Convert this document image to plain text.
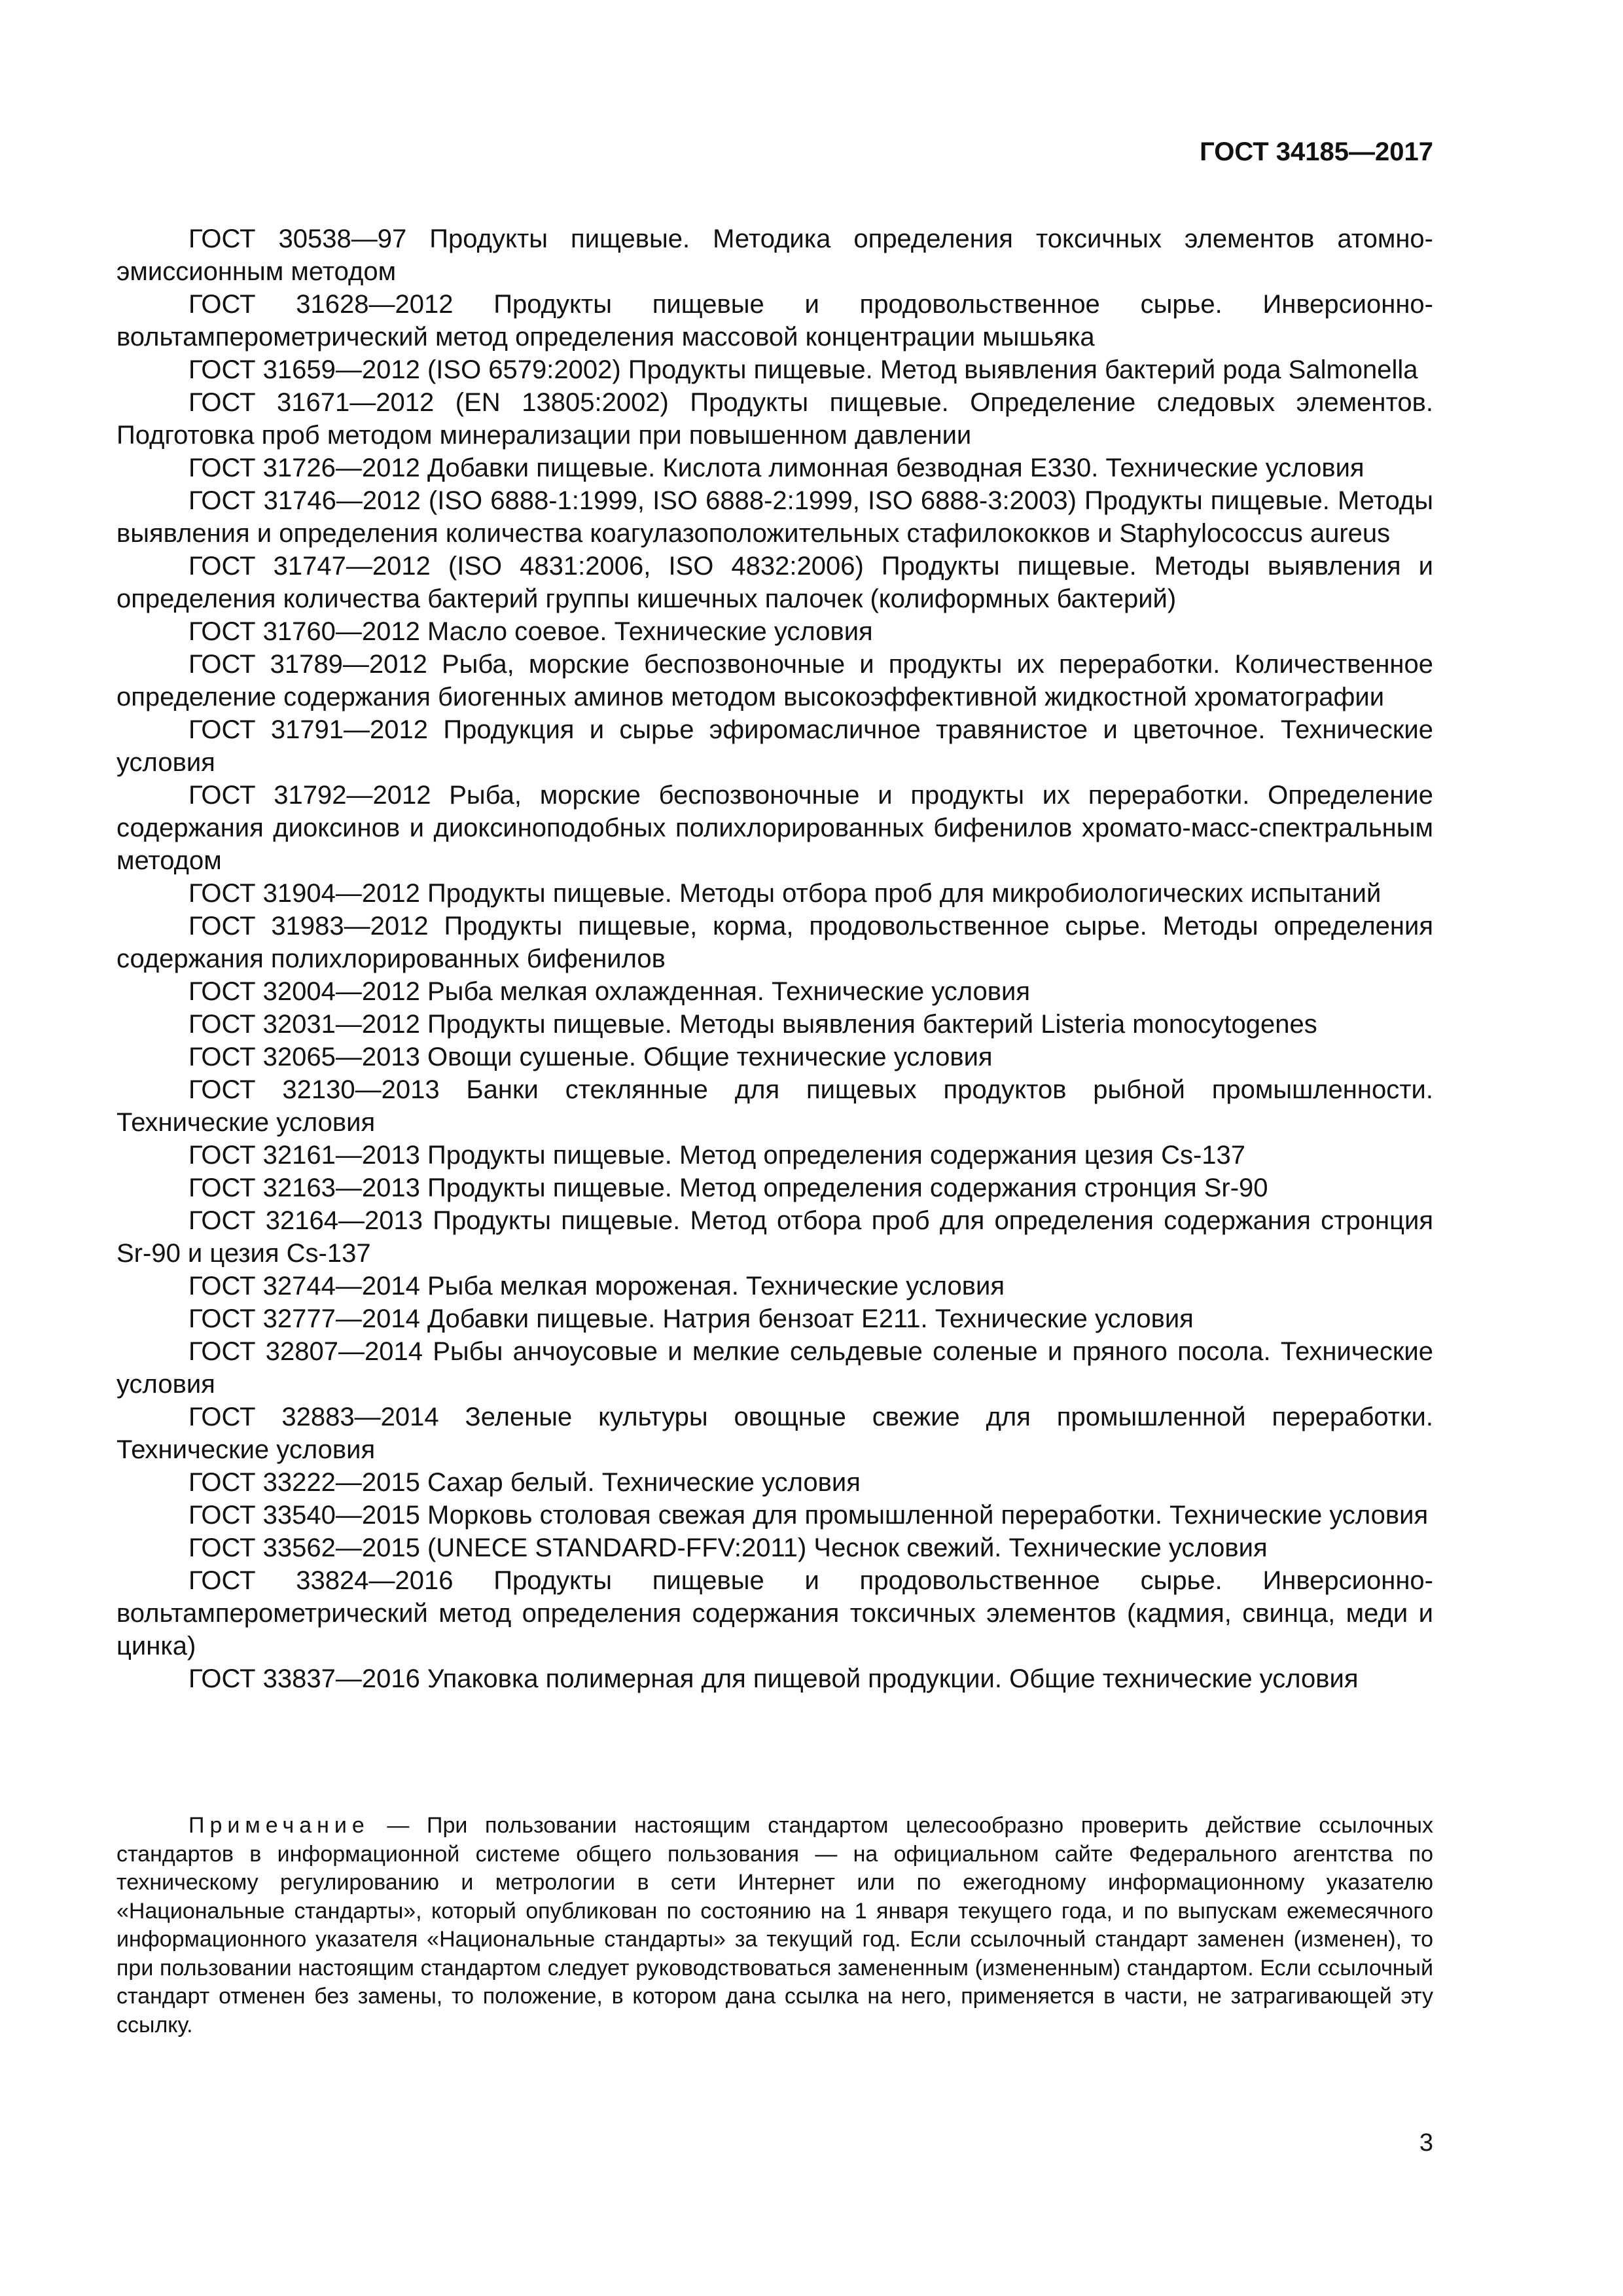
ГОСТ 34185—2017

ГОСТ 30538—97 Продукты пищевые. Методика определения токсичных элементов атомно-эмиссионным методом

ГОСТ 31628—2012 Продукты пищевые и продовольственное сырье. Инверсионно-вольтамперометрический метод определения массовой концентрации мышьяка

ГОСТ 31659—2012 (ISO 6579:2002) Продукты пищевые. Метод выявления бактерий рода Salmonella

ГОСТ 31671—2012 (EN 13805:2002) Продукты пищевые. Определение следовых элементов. Подготовка проб методом минерализации при повышенном давлении

ГОСТ 31726—2012 Добавки пищевые. Кислота лимонная безводная Е330. Технические условия

ГОСТ 31746—2012 (ISO 6888-1:1999, ISO 6888-2:1999, ISO 6888-3:2003) Продукты пищевые. Методы выявления и определения количества коагулазоположительных стафилококков и Staphylococcus aureus

ГОСТ 31747—2012 (ISO 4831:2006, ISO 4832:2006) Продукты пищевые. Методы выявления и определения количества бактерий группы кишечных палочек (колиформных бактерий)

ГОСТ 31760—2012 Масло соевое. Технические условия

ГОСТ 31789—2012 Рыба, морские беспозвоночные и продукты их переработки. Количественное определение содержания биогенных аминов методом высокоэффективной жидкостной хроматографии

ГОСТ 31791—2012 Продукция и сырье эфиромасличное травянистое и цветочное. Технические условия

ГОСТ 31792—2012 Рыба, морские беспозвоночные и продукты их переработки. Определение содержания диоксинов и диоксиноподобных полихлорированных бифенилов хромато-масс-спектральным методом

ГОСТ 31904—2012 Продукты пищевые. Методы отбора проб для микробиологических испытаний

ГОСТ 31983—2012 Продукты пищевые, корма, продовольственное сырье. Методы определения содержания полихлорированных бифенилов

ГОСТ 32004—2012 Рыба мелкая охлажденная. Технические условия

ГОСТ 32031—2012 Продукты пищевые. Методы выявления бактерий Listeria monocytogenes

ГОСТ 32065—2013 Овощи сушеные. Общие технические условия

ГОСТ 32130—2013 Банки стеклянные для пищевых продуктов рыбной промышленности. Технические условия

ГОСТ 32161—2013 Продукты пищевые. Метод определения содержания цезия Cs-137

ГОСТ 32163—2013 Продукты пищевые. Метод определения содержания стронция Sr-90

ГОСТ 32164—2013 Продукты пищевые. Метод отбора проб для определения содержания стронция Sr-90 и цезия Cs-137

ГОСТ 32744—2014 Рыба мелкая мороженая. Технические условия

ГОСТ 32777—2014 Добавки пищевые. Натрия бензоат Е211. Технические условия

ГОСТ 32807—2014 Рыбы анчоусовые и мелкие сельдевые соленые и пряного посола. Технические условия

ГОСТ 32883—2014 Зеленые культуры овощные свежие для промышленной переработки. Технические условия

ГОСТ 33222—2015 Сахар белый. Технические условия

ГОСТ 33540—2015 Морковь столовая свежая для промышленной переработки. Технические условия

ГОСТ 33562—2015 (UNECE STANDARD-FFV:2011) Чеснок свежий. Технические условия

ГОСТ 33824—2016 Продукты пищевые и продовольственное сырье. Инверсионно-вольтамперометрический метод определения содержания токсичных элементов (кадмия, свинца, меди и цинка)

ГОСТ 33837—2016 Упаковка полимерная для пищевой продукции. Общие технические условия

Примечание — При пользовании настоящим стандартом целесообразно проверить действие ссылочных стандартов в информационной системе общего пользования — на официальном сайте Федерального агентства по техническому регулированию и метрологии в сети Интернет или по ежегодному информационному указателю «Национальные стандарты», который опубликован по состоянию на 1 января текущего года, и по выпускам ежемесячного информационного указателя «Национальные стандарты» за текущий год. Если ссылочный стандарт заменен (изменен), то при пользовании настоящим стандартом следует руководствоваться замененным (измененным) стандартом. Если ссылочный стандарт отменен без замены, то положение, в котором дана ссылка на него, применяется в части, не затрагивающей эту ссылку.
3
